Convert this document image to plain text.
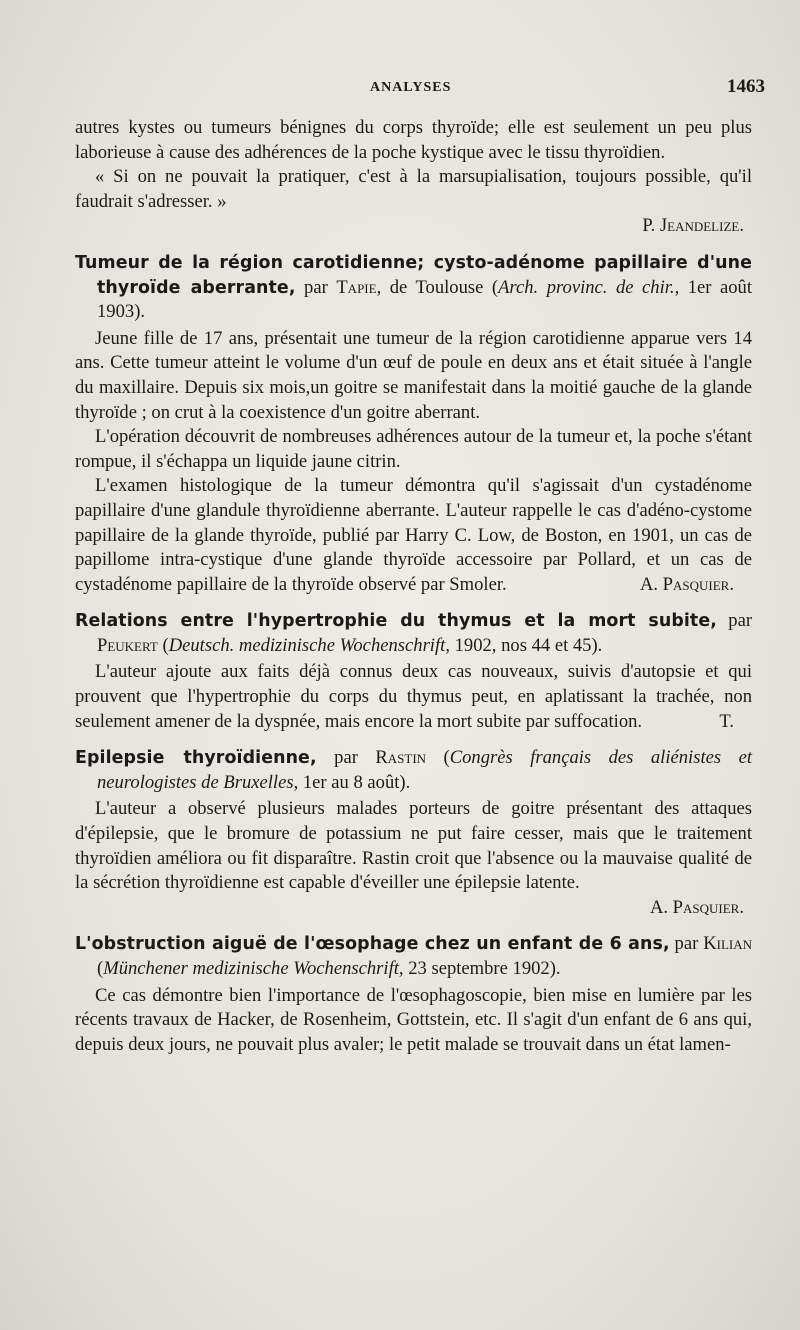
ANALYSES	1463

autres kystes ou tumeurs bénignes du corps thyroïde; elle est seulement un peu plus laborieuse à cause des adhérences de la poche kystique avec le tissu thyroïdien.

« Si on ne pouvait la pratiquer, c'est à la marsupialisation, toujours possible, qu'il faudrait s'adresser. »

P. Jeandelize.

Tumeur de la région carotidienne; cysto-adénome papillaire d'une thyroïde aberrante, par Tapie, de Toulouse (Arch. provinc. de chir., 1er août 1903).

Jeune fille de 17 ans, présentait une tumeur de la région carotidienne apparue vers 14 ans. Cette tumeur atteint le volume d'un œuf de poule en deux ans et était située à l'angle du maxillaire. Depuis six mois,un goitre se manifestait dans la moitié gauche de la glande thyroïde ; on crut à la coexistence d'un goitre aberrant.

L'opération découvrit de nombreuses adhérences autour de la tumeur et, la poche s'étant rompue, il s'échappa un liquide jaune citrin.

L'examen histologique de la tumeur démontra qu'il s'agissait d'un cystadénome papillaire d'une glandule thyroïdienne aberrante. L'auteur rappelle le cas d'adéno-cystome papillaire de la glande thyroïde, publié par Harry C. Low, de Boston, en 1901, un cas de papillome intra-cystique d'une glande thyroïde accessoire par Pollard, et un cas de cystadénome papillaire de la thyroïde observé par Smoler.	A. Pasquier.

Relations entre l'hypertrophie du thymus et la mort subite, par Peukert (Deutsch. medizinische Wochenschrift, 1902, nos 44 et 45).

L'auteur ajoute aux faits déjà connus deux cas nouveaux, suivis d'autopsie et qui prouvent que l'hypertrophie du corps du thymus peut, en aplatissant la trachée, non seulement amener de la dyspnée, mais encore la mort subite par suffocation.	T.

Epilepsie thyroïdienne, par Rastin (Congrès français des aliénistes et neurologistes de Bruxelles, 1er au 8 août).

L'auteur a observé plusieurs malades porteurs de goitre présentant des attaques d'épilepsie, que le bromure de potassium ne put faire cesser, mais que le traitement thyroïdien améliora ou fit disparaître. Rastin croit que l'absence ou la mauvaise qualité de la sécrétion thyroïdienne est capable d'éveiller une épilepsie latente.

A. Pasquier.

L'obstruction aiguë de l'œsophage chez un enfant de 6 ans, par Kilian (Münchener medizinische Wochenschrift, 23 septembre 1902).

Ce cas démontre bien l'importance de l'œsophagoscopie, bien mise en lumière par les récents travaux de Hacker, de Rosenheim, Gottstein, etc. Il s'agit d'un enfant de 6 ans qui, depuis deux jours, ne pouvait plus avaler; le petit malade se trouvait dans un état lamen-
